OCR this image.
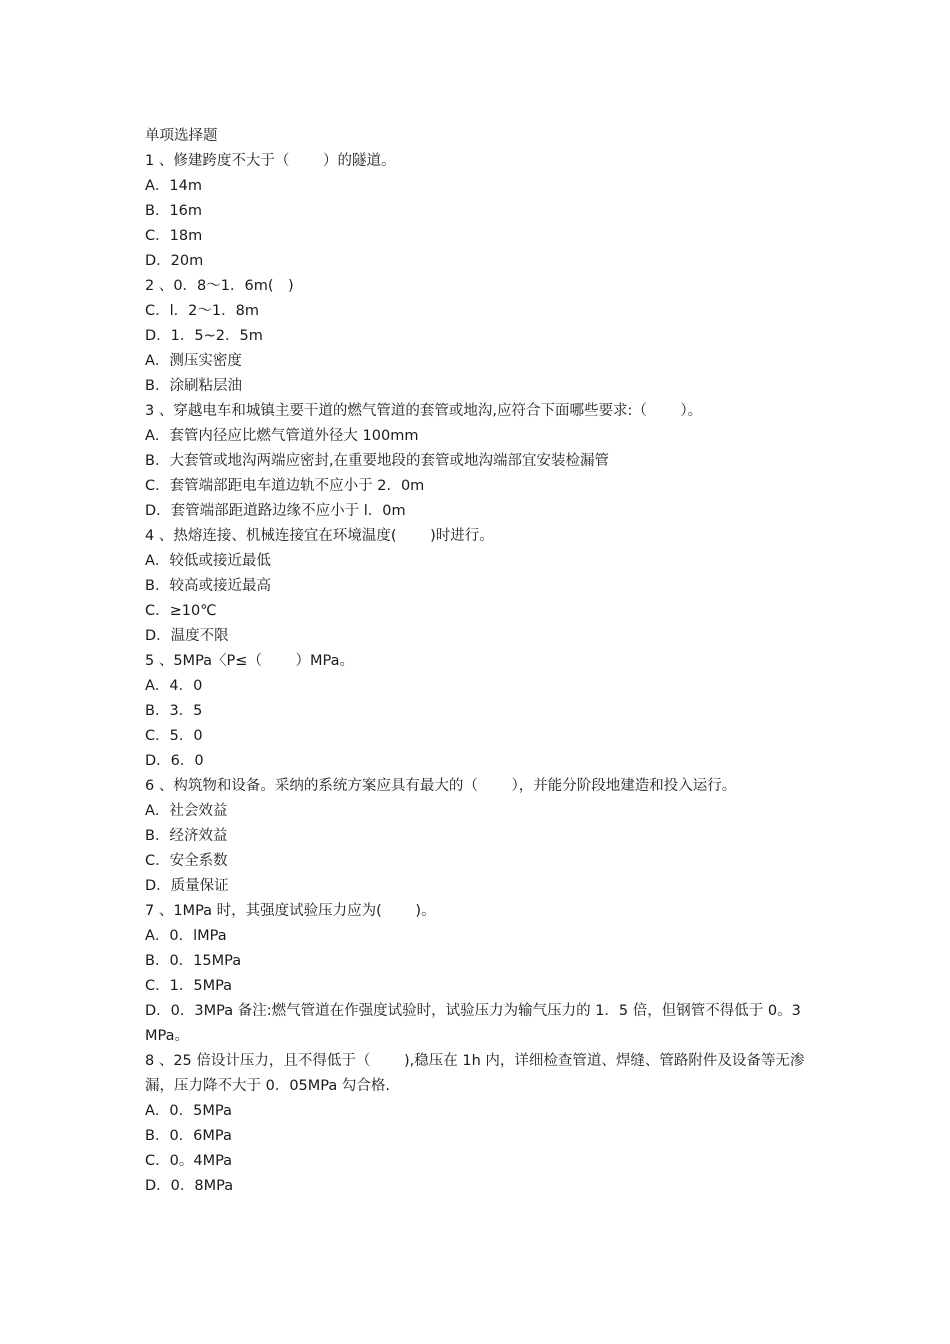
单项选择题
1 、修建跨度不大于（　　 ）的隧道。
A．14m
B．16m
C．18m
D．20m
2 、0．8～1．6m(　)
C．l．2～1．8m
D．1．5~2．5m
A．测压实密度
B．涂刷粘层油
3 、穿越电车和城镇主要干道的燃气管道的套管或地沟,应符合下面哪些要求:（　　 ）。
A．套管内径应比燃气管道外径大 100mm
B．大套管或地沟两端应密封,在重要地段的套管或地沟端部宜安装检漏管
C．套管端部距电车道边轨不应小于 2．0m
D．套管端部距道路边缘不应小于 l．0m
4 、热熔连接、机械连接宜在环境温度(　　 )时进行。
A．较低或接近最低
B．较高或接近最高
C．≥10℃
D．温度不限
5 、5MPa〈P≤（　　 ）MPa。
A．4．0
B．3．5
C．5．0
D．6．0
6 、构筑物和设备。采纳的系统方案应具有最大的（　　 ），并能分阶段地建造和投入运行。
A．社会效益
B．经济效益
C．安全系数
D．质量保证
7 、1MPa 时，其强度试验压力应为(　　 )。
A．0．lMPa
B．0．15MPa
C．1．5MPa
D．0．3MPa 备注:燃气管道在作强度试验时，试验压力为输气压力的 1．5 倍，但钢管不得低于 0。3MPa。
8 、25 倍设计压力，且不得低于（　　 ),稳压在 1h 内，详细检查管道、焊缝、管路附件及设备等无渗漏，压力降不大于 0．05MPa 勾合格.
A．0．5MPa
B．0．6MPa
C．0。4MPa
D．0．8MPa
